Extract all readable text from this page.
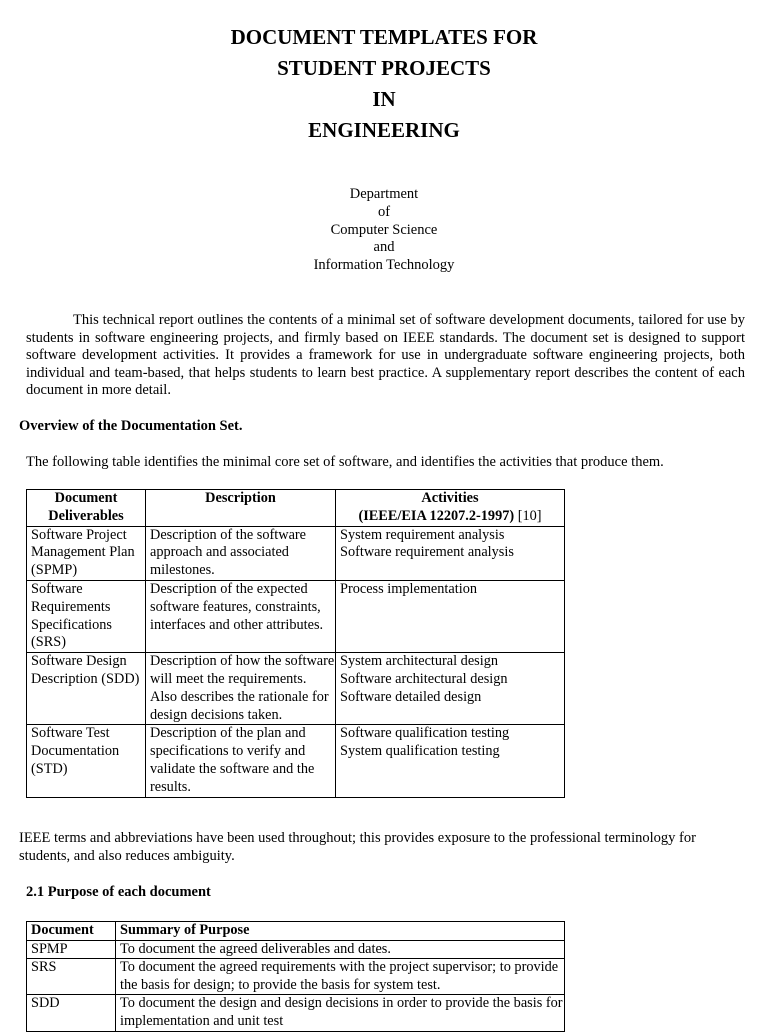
DOCUMENT TEMPLATES FOR
STUDENT PROJECTS
IN
ENGINEERING
Department
of
Computer Science
and
Information Technology

This technical report outlines the contents of a minimal set of software development documents, tailored for use by students in software engineering projects, and firmly based on IEEE standards. The document set is designed to support software development activities. It provides a framework for use in undergraduate software engineering projects, both individual and team-based, that helps students to learn best practice. A supplementary report describes the content of each document in more detail.

Overview of the Documentation Set.
The following table identifies the minimal core set of software, and identifies the activities that produce them.
Document Deliverables	Description	Activities
(IEEE/EIA 12207.2-1997) [10]
Software Project Management Plan (SPMP)	Description of the software approach and associated milestones.	System requirement analysis
Software requirement analysis

Software Requirements Specifications (SRS)	Description of the expected software features, constraints, interfaces and other attributes.	Process implementation

Software Design Description (SDD)	Description of how the software will meet the requirements. Also describes the rationale for design decisions taken.	System architectural design
Software architectural design
Software detailed design

Software Test Documentation (STD)	Description of the plan and specifications to verify and validate the software and the results.	Software qualification testing
System qualification testing

IEEE terms and abbreviations have been used throughout; this provides exposure to the professional terminology for students, and also reduces ambiguity.

2.1 Purpose of each document
Document	Summary of Purpose
SPMP	To document the agreed deliverables and dates.
SRS	To document the agreed requirements with the project supervisor; to provide the basis for design; to provide the basis for system test.
SDD	To document the design and design decisions in order to provide the basis for implementation and unit test
